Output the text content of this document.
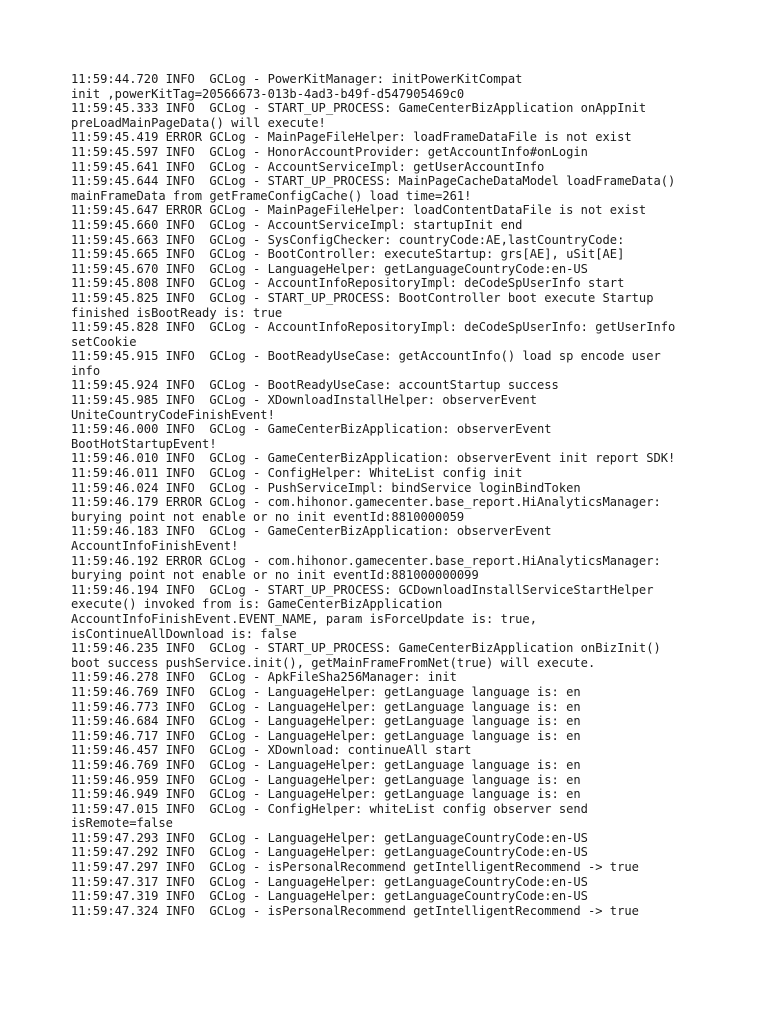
11:59:44.720 INFO  GCLog - PowerKitManager: initPowerKitCompat
init ,powerKitTag=20566673-013b-4ad3-b49f-d547905469c0
11:59:45.333 INFO  GCLog - START_UP_PROCESS: GameCenterBizApplication onAppInit
preLoadMainPageData() will execute!
11:59:45.419 ERROR GCLog - MainPageFileHelper: loadFrameDataFile is not exist
11:59:45.597 INFO  GCLog - HonorAccountProvider: getAccountInfo#onLogin
11:59:45.641 INFO  GCLog - AccountServiceImpl: getUserAccountInfo
11:59:45.644 INFO  GCLog - START_UP_PROCESS: MainPageCacheDataModel loadFrameData()
mainFrameData from getFrameConfigCache() load time=261!
11:59:45.647 ERROR GCLog - MainPageFileHelper: loadContentDataFile is not exist
11:59:45.660 INFO  GCLog - AccountServiceImpl: startupInit end
11:59:45.663 INFO  GCLog - SysConfigChecker: countryCode:AE,lastCountryCode:
11:59:45.665 INFO  GCLog - BootController: executeStartup: grs[AE], uSit[AE]
11:59:45.670 INFO  GCLog - LanguageHelper: getLanguageCountryCode:en-US
11:59:45.808 INFO  GCLog - AccountInfoRepositoryImpl: deCodeSpUserInfo start
11:59:45.825 INFO  GCLog - START_UP_PROCESS: BootController boot execute Startup
finished isBootReady is: true
11:59:45.828 INFO  GCLog - AccountInfoRepositoryImpl: deCodeSpUserInfo: getUserInfo
setCookie
11:59:45.915 INFO  GCLog - BootReadyUseCase: getAccountInfo() load sp encode user
info
11:59:45.924 INFO  GCLog - BootReadyUseCase: accountStartup success
11:59:45.985 INFO  GCLog - XDownloadInstallHelper: observerEvent
UniteCountryCodeFinishEvent!
11:59:46.000 INFO  GCLog - GameCenterBizApplication: observerEvent
BootHotStartupEvent!
11:59:46.010 INFO  GCLog - GameCenterBizApplication: observerEvent init report SDK!
11:59:46.011 INFO  GCLog - ConfigHelper: WhiteList config init
11:59:46.024 INFO  GCLog - PushServiceImpl: bindService loginBindToken
11:59:46.179 ERROR GCLog - com.hihonor.gamecenter.base_report.HiAnalyticsManager:
burying point not enable or no init eventId:8810000059
11:59:46.183 INFO  GCLog - GameCenterBizApplication: observerEvent
AccountInfoFinishEvent!
11:59:46.192 ERROR GCLog - com.hihonor.gamecenter.base_report.HiAnalyticsManager:
burying point not enable or no init eventId:881000000099
11:59:46.194 INFO  GCLog - START_UP_PROCESS: GCDownloadInstallServiceStartHelper
execute() invoked from is: GameCenterBizApplication
AccountInfoFinishEvent.EVENT_NAME, param isForceUpdate is: true,
isContinueAllDownload is: false
11:59:46.235 INFO  GCLog - START_UP_PROCESS: GameCenterBizApplication onBizInit()
boot success pushService.init(), getMainFrameFromNet(true) will execute.
11:59:46.278 INFO  GCLog - ApkFileSha256Manager: init
11:59:46.769 INFO  GCLog - LanguageHelper: getLanguage language is: en
11:59:46.773 INFO  GCLog - LanguageHelper: getLanguage language is: en
11:59:46.684 INFO  GCLog - LanguageHelper: getLanguage language is: en
11:59:46.717 INFO  GCLog - LanguageHelper: getLanguage language is: en
11:59:46.457 INFO  GCLog - XDownload: continueAll start
11:59:46.769 INFO  GCLog - LanguageHelper: getLanguage language is: en
11:59:46.959 INFO  GCLog - LanguageHelper: getLanguage language is: en
11:59:46.949 INFO  GCLog - LanguageHelper: getLanguage language is: en
11:59:47.015 INFO  GCLog - ConfigHelper: whiteList config observer send
isRemote=false
11:59:47.293 INFO  GCLog - LanguageHelper: getLanguageCountryCode:en-US
11:59:47.292 INFO  GCLog - LanguageHelper: getLanguageCountryCode:en-US
11:59:47.297 INFO  GCLog - isPersonalRecommend getIntelligentRecommend -> true
11:59:47.317 INFO  GCLog - LanguageHelper: getLanguageCountryCode:en-US
11:59:47.319 INFO  GCLog - LanguageHelper: getLanguageCountryCode:en-US
11:59:47.324 INFO  GCLog - isPersonalRecommend getIntelligentRecommend -> true
